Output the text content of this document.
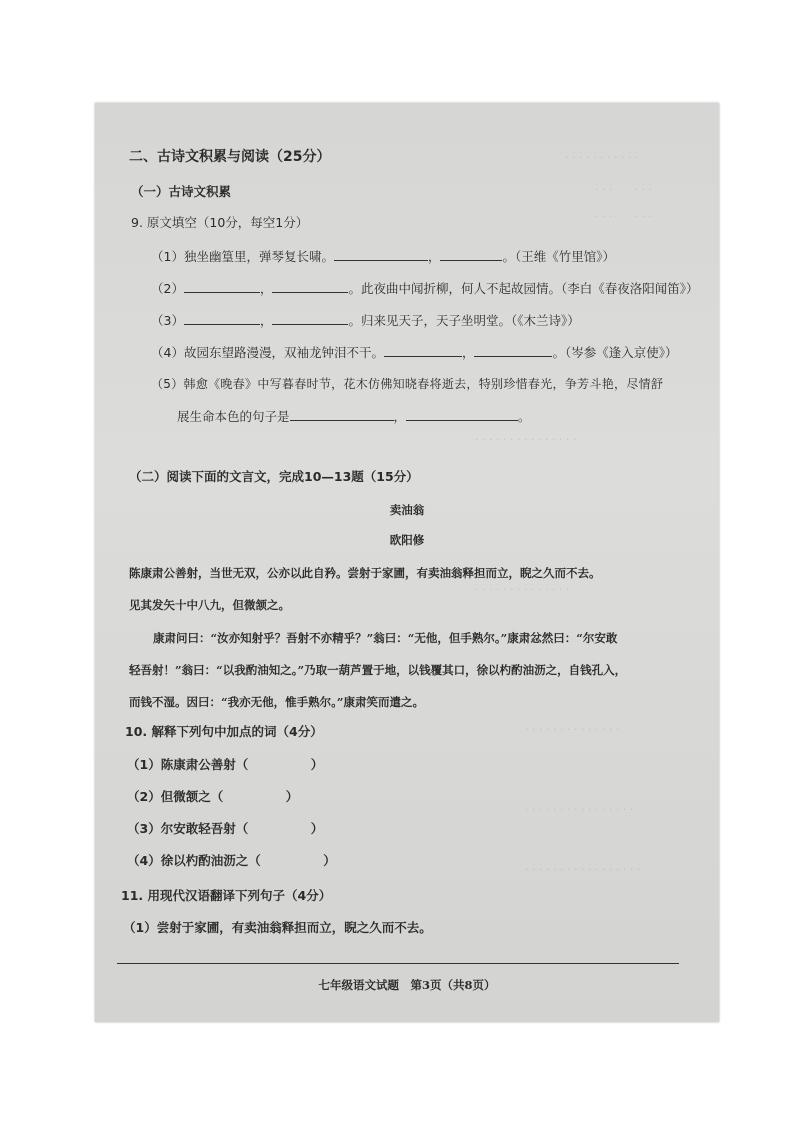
· · · · · · · · · · ·
· · ·　　· · ·
· · ·　　· · ·
· · · · · · · · · · · · · · ·
· · · · · · · · · · · · · ·
· · · · · · · · · · · · · ·
· · · · · · · · · · · · · · · ·
· · · · · · · · · · · · · · · · ·
二、古诗文积累与阅读（25分）
（一）古诗文积累
9. 原文填空（10分，每空1分）
（1）独坐幽篁里，弹琴复长啸。	，	。（王维《竹里馆》）
（2）	，	。此夜曲中闻折柳，何人不起故园情。（李白《春夜洛阳闻笛》）
（3）	，	。归来见天子，天子坐明堂。（《木兰诗》）
（4）故园东望路漫漫，双袖龙钟泪不干。	，	。（岑参《逢入京使》）
（5）韩愈《晚春》中写暮春时节，花木仿佛知晓春将逝去，特别珍惜春光，争芳斗艳，尽情舒
展生命本色的句子是	，	。
（二）阅读下面的文言文，完成10—13题（15分）
卖油翁
欧阳修
陈康肃公善射，当世无双，公亦以此自矜。尝射于家圃，有卖油翁释担而立，睨之久而不去。
见其发矢十中八九，但微颔之。
康肃问曰：“汝亦知射乎？吾射不亦精乎？”翁曰：“无他，但手熟尔。”康肃忿然曰：“尔安敢
轻吾射！”翁曰：“以我酌油知之。”乃取一葫芦置于地，以钱覆其口，徐以杓酌油沥之，自钱孔入，
而钱不湿。因曰：“我亦无他，惟手熟尔。”康肃笑而遣之。
10. 解释下列句中加点的词（4分）
（1）陈康肃公善射（　　　　　）
（2）但微颔之（　　　　　）
（3）尔安敢轻吾射（　　　　　）
（4）徐以杓酌油沥之（　　　　　）
11. 用现代汉语翻译下列句子（4分）
（1）尝射于家圃，有卖油翁释担而立，睨之久而不去。
七年级语文试题　第3页（共8页）
